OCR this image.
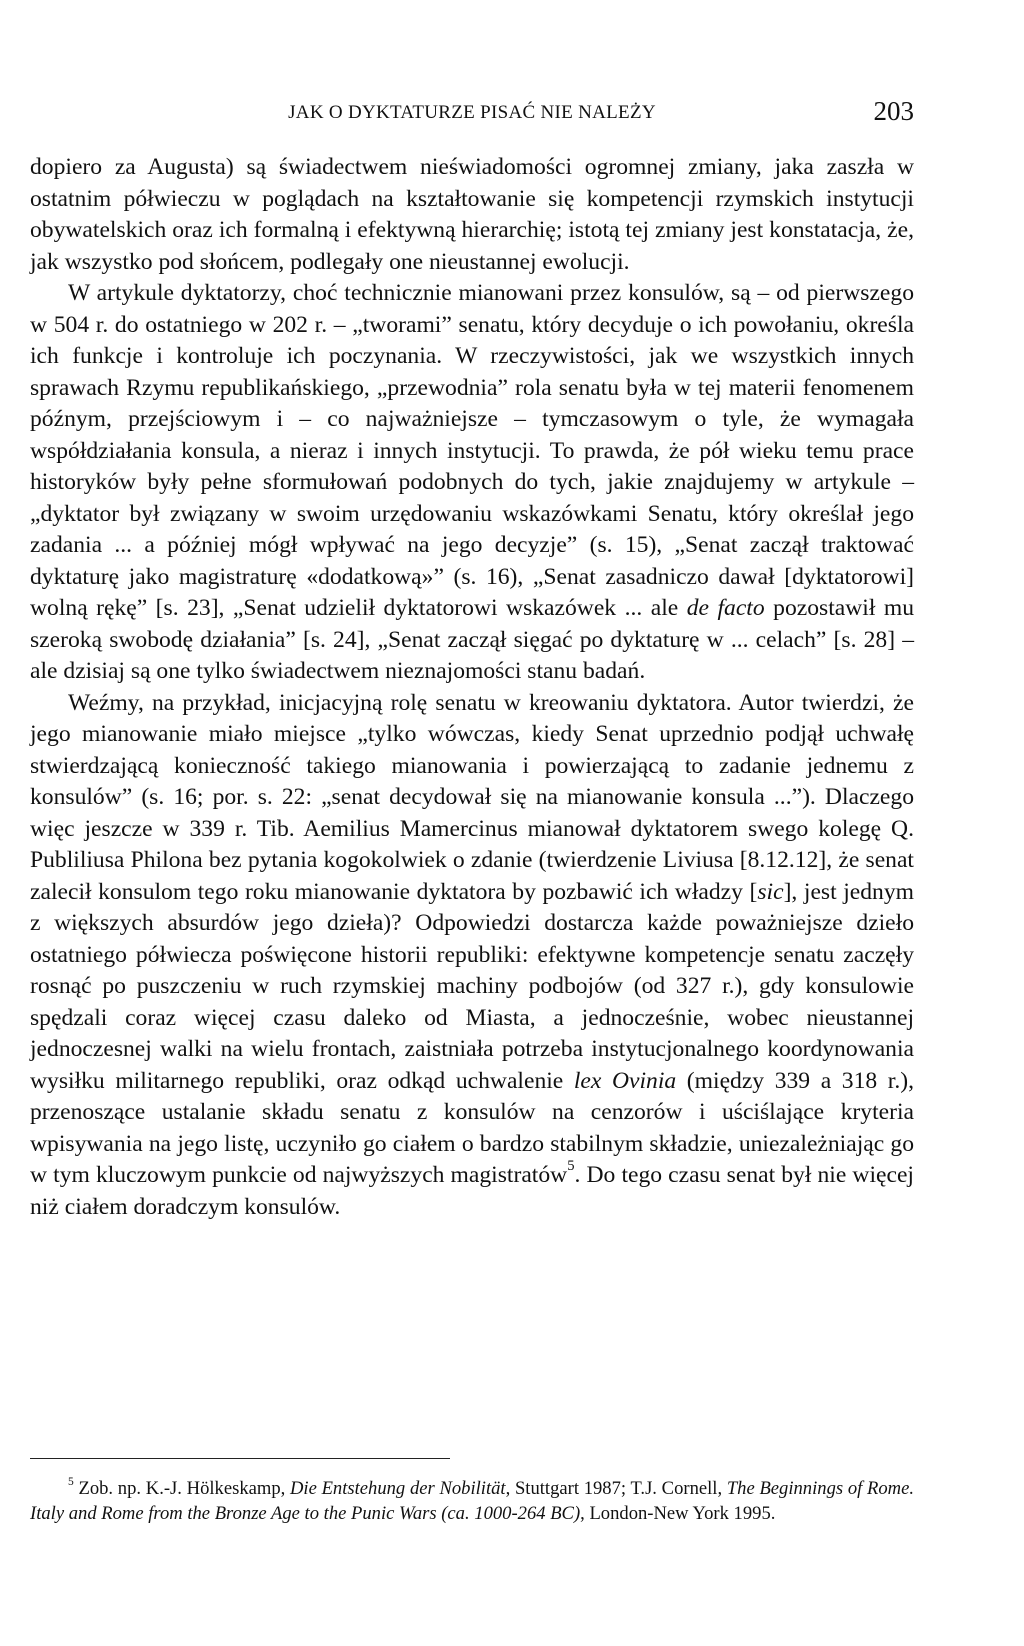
JAK O DYKTATURZE PISAĆ NIE NALEŻY	203

dopiero za Augusta) są świadectwem nieświadomości ogromnej zmiany, jaka zaszła w ostatnim półwieczu w poglądach na kształtowanie się kompetencji rzymskich instytucji obywatelskich oraz ich formalną i efektywną hierarchię; istotą tej zmiany jest konstatacja, że, jak wszystko pod słońcem, podlegały one nieustannej ewolucji.

W artykule dyktatorzy, choć technicznie mianowani przez konsulów, są – od pierwszego w 504 r. do ostatniego w 202 r. – „tworami” senatu, który decyduje o ich powołaniu, określa ich funkcje i kontroluje ich poczynania. W rzeczywistości, jak we wszystkich innych sprawach Rzymu republikańskiego, „przewodnia” rola senatu była w tej materii fenomenem późnym, przejściowym i – co najważniejsze – tymczasowym o tyle, że wymagała współdziałania konsula, a nieraz i innych instytucji. To prawda, że pół wieku temu prace historyków były pełne sformułowań podobnych do tych, jakie znajdujemy w artykule – „dyktator był związany w swoim urzędowaniu wskazówkami Senatu, który określał jego zadania ... a później mógł wpływać na jego decyzje” (s. 15), „Senat zaczął traktować dyktaturę jako magistraturę «dodatkową»” (s. 16), „Senat zasadniczo dawał [dyktatorowi] wolną rękę” [s. 23], „Senat udzielił dyktatorowi wskazówek ... ale de facto pozostawił mu szeroką swobodę działania” [s. 24], „Senat zaczął sięgać po dyktaturę w ... celach” [s. 28] – ale dzisiaj są one tylko świadectwem nieznajomości stanu badań.

Weźmy, na przykład, inicjacyjną rolę senatu w kreowaniu dyktatora. Autor twierdzi, że jego mianowanie miało miejsce „tylko wówczas, kiedy Senat uprzednio podjął uchwałę stwierdzającą konieczność takiego mianowania i powierzającą to zadanie jednemu z konsulów” (s. 16; por. s. 22: „senat decydował się na mianowanie konsula ...”). Dlaczego więc jeszcze w 339 r. Tib. Aemilius Mamercinus mianował dyktatorem swego kolegę Q. Publiliusa Philona bez pytania kogokolwiek o zdanie (twierdzenie Liviusa [8.12.12], że senat zalecił konsulom tego roku mianowanie dyktatora by pozbawić ich władzy [sic], jest jednym z większych absurdów jego dzieła)? Odpowiedzi dostarcza każde poważniejsze dzieło ostatniego półwiecza poświęcone historii republiki: efektywne kompetencje senatu zaczęły rosnąć po puszczeniu w ruch rzymskiej machiny podbojów (od 327 r.), gdy konsulowie spędzali coraz więcej czasu daleko od Miasta, a jednocześnie, wobec nieustannej jednoczesnej walki na wielu frontach, zaistniała potrzeba instytucjonalnego koordynowania wysiłku militarnego republiki, oraz odkąd uchwalenie lex Ovinia (między 339 a 318 r.), przenoszące ustalanie składu senatu z konsulów na cenzorów i uściślające kryteria wpisywania na jego listę, uczyniło go ciałem o bardzo stabilnym składzie, uniezależniając go w tym kluczowym punkcie od najwyższych magistratów$^5$. Do tego czasu senat był nie więcej niż ciałem doradczym konsulów.

$^5$ Zob. np. K.-J. Hölkeskamp, Die Entstehung der Nobilität, Stuttgart 1987; T.J. Cornell, The Beginnings of Rome. Italy and Rome from the Bronze Age to the Punic Wars (ca. 1000-264 BC), London-New York 1995.
